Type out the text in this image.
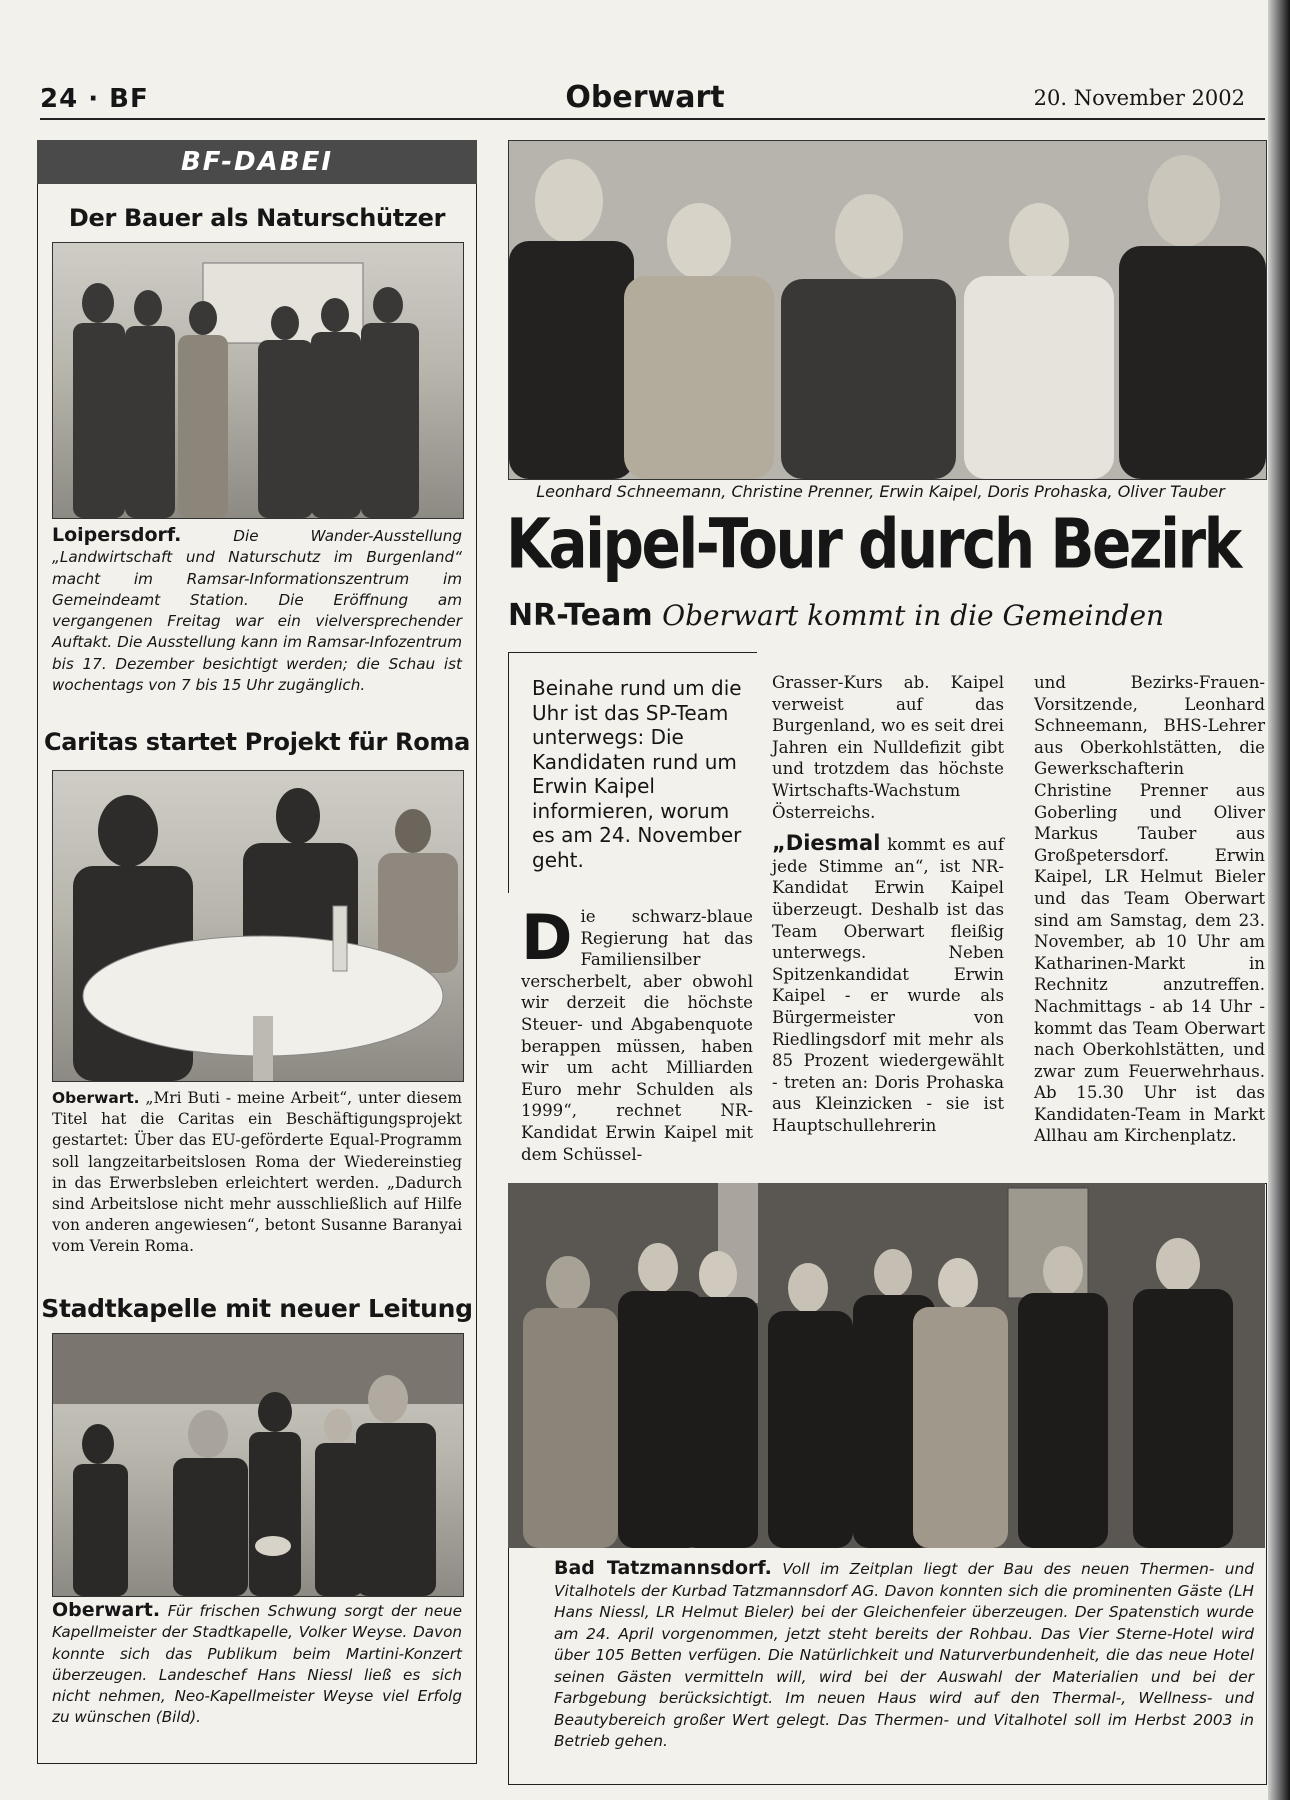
24 · BF	Oberwart	20. November 2002
BF-DABEI
Der Bauer als Naturschützer
Loipersdorf.	Die Wander-Ausstellung „Landwirtschaft und Naturschutz im Burgenland“ macht im Ramsar-Informationszentrum im Gemeindeamt Station. Die Eröffnung am vergangenen Freitag war ein vielversprechender Auftakt. Die Ausstellung kann im Ramsar-Infozentrum bis 17. Dezember besichtigt werden; die Schau ist wochentags von 7 bis 15 Uhr zugänglich.
Caritas startet Projekt für Roma
Oberwart. „Mri Buti - meine Arbeit“, unter diesem Titel hat die Caritas ein Beschäftigungsprojekt gestartet: Über das EU-geförderte Equal-Programm soll langzeitarbeitslosen Roma der Wiedereinstieg in das Erwerbsleben erleichtert werden. „Dadurch sind Arbeitslose nicht mehr ausschließlich auf Hilfe von anderen angewiesen“, betont Susanne Baranyai vom Verein Roma.
Stadtkapelle mit neuer Leitung
Oberwart. Für frischen Schwung sorgt der neue Kapellmeister der Stadtkapelle, Volker Weyse. Davon konnte sich das Publikum beim Martini-Konzert überzeugen. Landeschef Hans Niessl ließ es sich nicht nehmen, Neo-Kapellmeister Weyse viel Erfolg zu wünschen (Bild).
Leonhard Schneemann, Christine Prenner, Erwin Kaipel, Doris Prohaska, Oliver Tauber
Kaipel-Tour durch Bezirk
NR-Team Oberwart kommt in die Gemeinden
Beinahe rund um die Uhr ist das SP-Team unterwegs: Die Kandidaten rund um Erwin Kaipel informieren, worum es am 24. November geht.
D ie schwarz-blaue Regierung hat das Familiensilber verscherbelt, aber obwohl wir derzeit die höchste Steuer- und Abgabenquote berappen müssen, haben wir um acht Milliarden Euro mehr Schulden als 1999“, rechnet NR-Kandidat Erwin Kaipel mit dem Schüssel-
Grasser-Kurs ab. Kaipel verweist auf das Burgenland, wo es seit drei Jahren ein Nulldefizit gibt und trotzdem das höchste Wirtschafts-Wachstum Österreichs.
„Diesmal kommt es auf jede Stimme an“, ist NR-Kandidat Erwin Kaipel überzeugt. Deshalb ist das Team Oberwart fleißig unterwegs. Neben Spitzenkandidat Erwin Kaipel - er wurde als Bürgermeister von Riedlingsdorf mit mehr als 85 Prozent wiedergewählt - treten an: Doris Prohaska aus Kleinzicken - sie ist Hauptschullehrerin
und Bezirks-Frauen-Vorsitzende, Leonhard Schneemann, BHS-Lehrer aus Oberkohlstätten, die Gewerkschafterin Christine Prenner aus Goberling und Oliver Markus Tauber aus Großpetersdorf. Erwin Kaipel, LR Helmut Bieler und das Team Oberwart sind am Samstag, dem 23. November, ab 10 Uhr am Katharinen-Markt in Rechnitz anzutreffen. Nachmittags - ab 14 Uhr - kommt das Team Oberwart nach Oberkohlstätten, und zwar zum Feuerwehrhaus. Ab 15.30 Uhr ist das Kandidaten-Team in Markt Allhau am Kirchenplatz.
Bad Tatzmannsdorf. Voll im Zeitplan liegt der Bau des neuen Thermen- und Vitalhotels der Kurbad Tatzmannsdorf AG. Davon konnten sich die prominenten Gäste (LH Hans Niessl, LR Helmut Bieler) bei der Gleichenfeier überzeugen. Der Spatenstich wurde am 24. April vorgenommen, jetzt steht bereits der Rohbau. Das Vier Sterne-Hotel wird über 105 Betten verfügen. Die Natürlichkeit und Naturverbundenheit, die das neue Hotel seinen Gästen vermitteln will, wird bei der Auswahl der Materialien und bei der Farbgebung berücksichtigt. Im neuen Haus wird auf den Thermal-, Wellness- und Beautybereich großer Wert gelegt. Das Thermen- und Vitalhotel soll im Herbst 2003 in Betrieb gehen.
